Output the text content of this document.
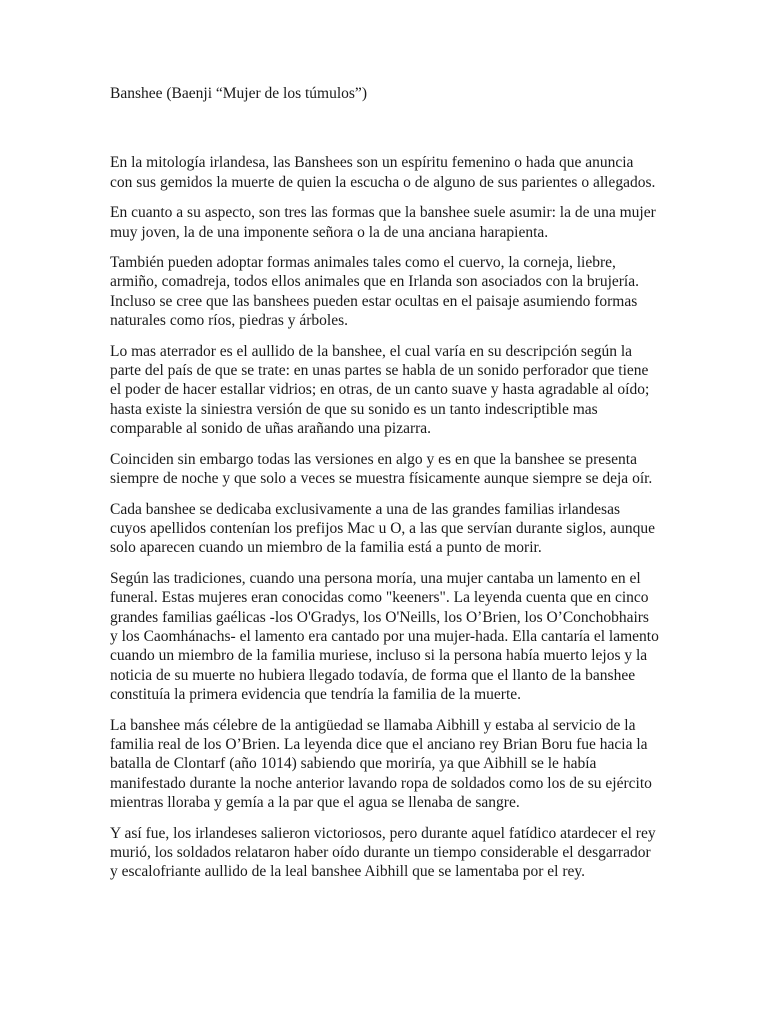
Banshee (Baenji “Mujer de los túmulos”)

En la mitología irlandesa, las Banshees son un espíritu femenino o hada que anuncia
con sus gemidos la muerte de quien la escucha o de alguno de sus parientes o allegados.

En cuanto a su aspecto, son tres las formas que la banshee suele asumir: la de una mujer
muy joven, la de una imponente señora o la de una anciana harapienta.

También pueden adoptar formas animales tales como el cuervo, la corneja, liebre,
armiño, comadreja, todos ellos animales que en Irlanda son asociados con la brujería.
Incluso se cree que las banshees pueden estar ocultas en el paisaje asumiendo formas
naturales como ríos, piedras y árboles.

Lo mas aterrador es el aullido de la banshee, el cual varía en su descripción según la
parte del país de que se trate: en unas partes se habla de un sonido perforador que tiene
el poder de hacer estallar vidrios; en otras, de un canto suave y hasta agradable al oído;
hasta existe la siniestra versión de que su sonido es un tanto indescriptible mas
comparable al sonido de uñas arañando una pizarra.

Coinciden sin embargo todas las versiones en algo y es en que la banshee se presenta
siempre de noche y que solo a veces se muestra físicamente aunque siempre se deja oír.

Cada banshee se dedicaba exclusivamente a una de las grandes familias irlandesas
cuyos apellidos contenían los prefijos Mac u O, a las que servían durante siglos, aunque
solo aparecen cuando un miembro de la familia está a punto de morir.

Según las tradiciones, cuando una persona moría, una mujer cantaba un lamento en el
funeral. Estas mujeres eran conocidas como "keeners". La leyenda cuenta que en cinco
grandes familias gaélicas -los O'Gradys, los O'Neills, los O’Brien, los O’Conchobhairs
y los Caomhánachs- el lamento era cantado por una mujer-hada. Ella cantaría el lamento
cuando un miembro de la familia muriese, incluso si la persona había muerto lejos y la
noticia de su muerte no hubiera llegado todavía, de forma que el llanto de la banshee
constituía la primera evidencia que tendría la familia de la muerte.

La banshee más célebre de la antigüedad se llamaba Aibhill y estaba al servicio de la
familia real de los O’Brien. La leyenda dice que el anciano rey Brian Boru fue hacia la
batalla de Clontarf (año 1014) sabiendo que moriría, ya que Aibhill se le había
manifestado durante la noche anterior lavando ropa de soldados como los de su ejército
mientras lloraba y gemía a la par que el agua se llenaba de sangre.

Y así fue, los irlandeses salieron victoriosos, pero durante aquel fatídico atardecer el rey
murió, los soldados relataron haber oído durante un tiempo considerable el desgarrador
y escalofriante aullido de la leal banshee Aibhill que se lamentaba por el rey.
